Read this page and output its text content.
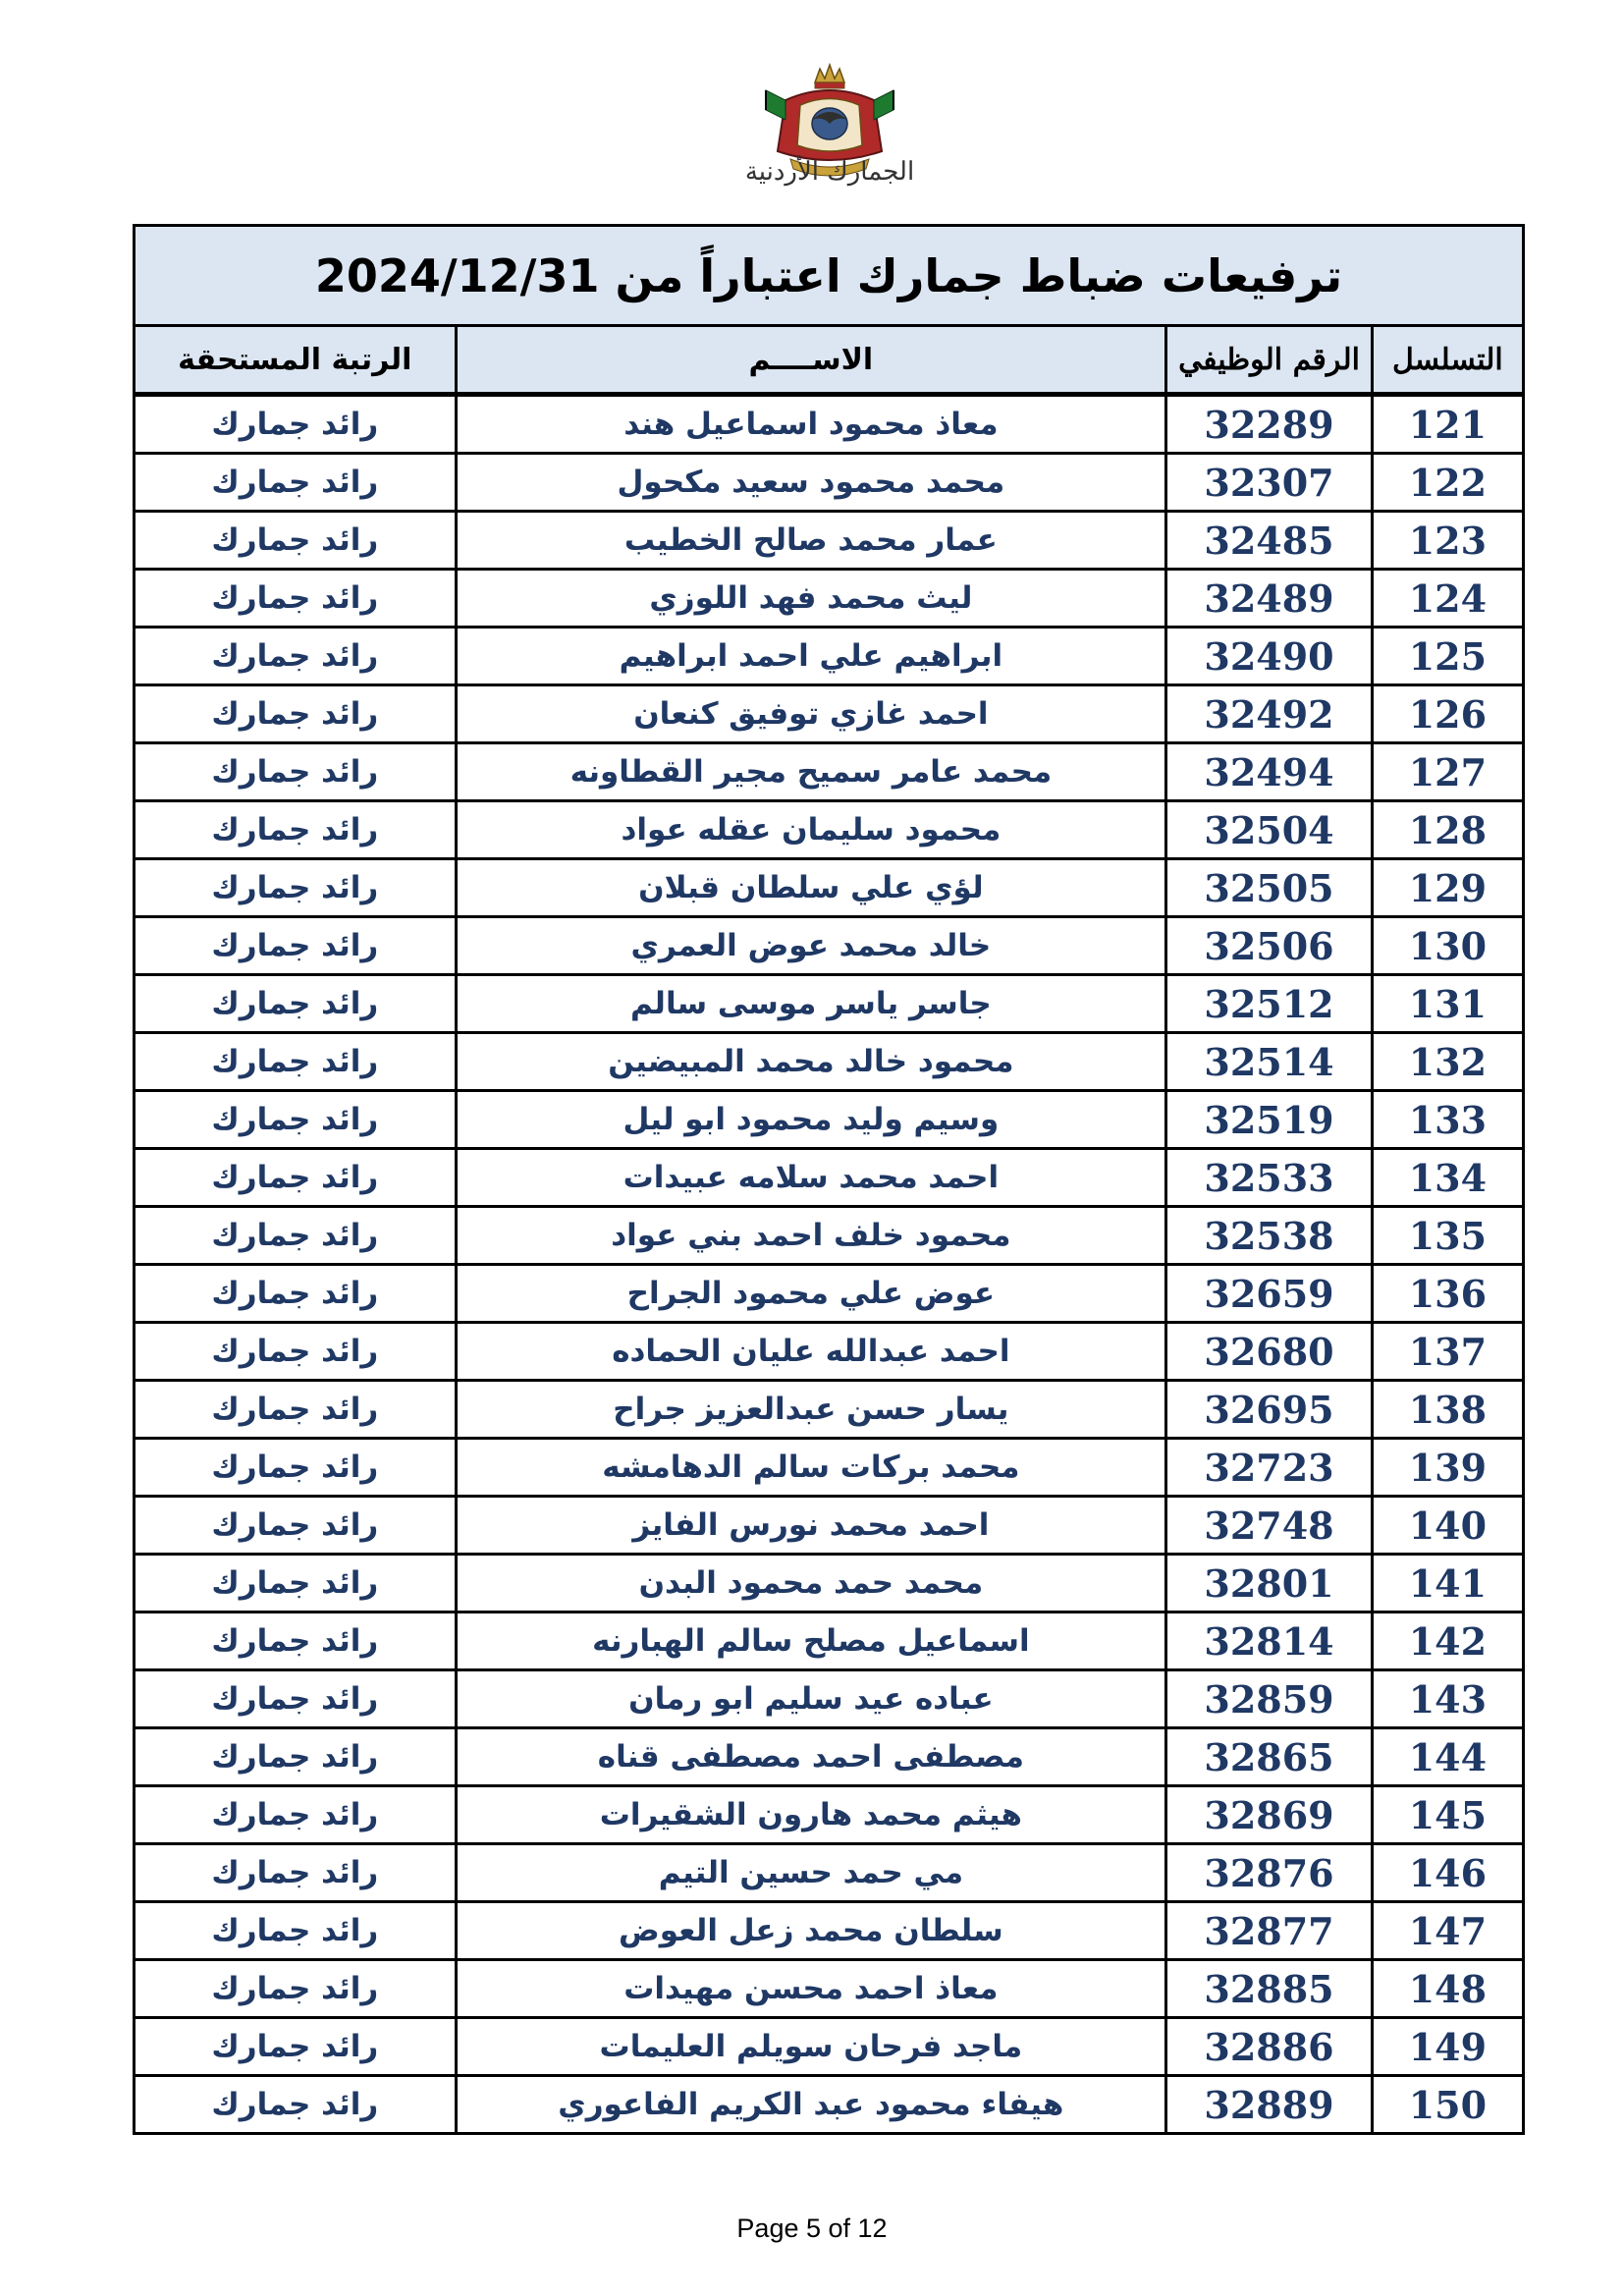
الجمارك الأردنية
ترفيعات ضباط جمارك اعتباراً من 2024/12/31			
التسلسل	الرقم الوظيفي	الاســــم	الرتبة المستحقة
121	32289	معاذ محمود اسماعيل هند	رائد جمارك
122	32307	محمد محمود سعيد مكحول	رائد جمارك
123	32485	عمار محمد صالح الخطيب	رائد جمارك
124	32489	ليث محمد فهد اللوزي	رائد جمارك
125	32490	ابراهيم علي احمد ابراهيم	رائد جمارك
126	32492	احمد غازي توفيق كنعان	رائد جمارك
127	32494	محمد عامر سميح مجير القطاونه	رائد جمارك
128	32504	محمود سليمان عقله عواد	رائد جمارك
129	32505	لؤي علي سلطان قبلان	رائد جمارك
130	32506	خالد محمد عوض العمري	رائد جمارك
131	32512	جاسر ياسر موسى سالم	رائد جمارك
132	32514	محمود خالد محمد المبيضين	رائد جمارك
133	32519	وسيم وليد محمود ابو ليل	رائد جمارك
134	32533	احمد محمد سلامه عبيدات	رائد جمارك
135	32538	محمود خلف احمد بني عواد	رائد جمارك
136	32659	عوض علي محمود الجراح	رائد جمارك
137	32680	احمد عبدالله عليان الحماده	رائد جمارك
138	32695	يسار حسن عبدالعزيز جراح	رائد جمارك
139	32723	محمد بركات سالم الدهامشه	رائد جمارك
140	32748	احمد محمد نورس الفايز	رائد جمارك
141	32801	محمد حمد محمود البدن	رائد جمارك
142	32814	اسماعيل مصلح سالم الهبارنه	رائد جمارك
143	32859	عباده عيد سليم ابو رمان	رائد جمارك
144	32865	مصطفى احمد مصطفى قناه	رائد جمارك
145	32869	هيثم محمد هارون الشقيرات	رائد جمارك
146	32876	مي حمد حسين التيم	رائد جمارك
147	32877	سلطان محمد زعل العوض	رائد جمارك
148	32885	معاذ احمد محسن مهيدات	رائد جمارك
149	32886	ماجد فرحان سويلم العليمات	رائد جمارك
150	32889	هيفاء محمود عبد الكريم الفاعوري	رائد جمارك
Page 5 of 12
